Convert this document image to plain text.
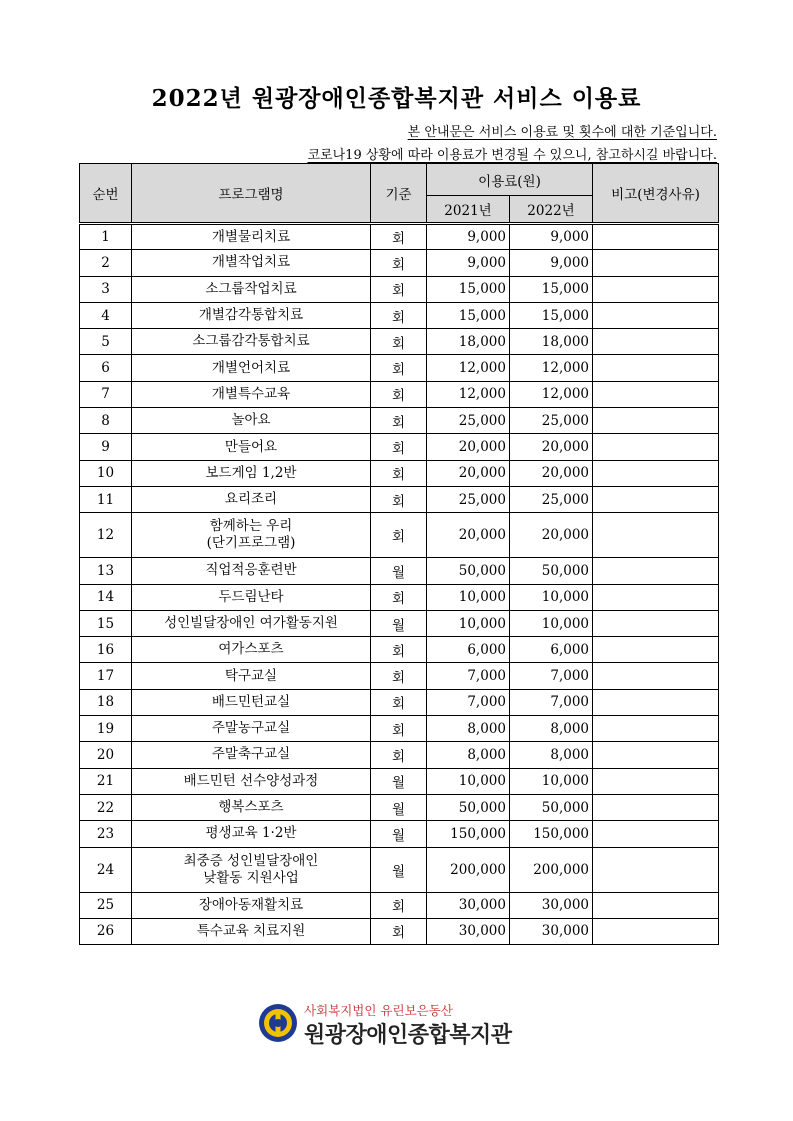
2022년 원광장애인종합복지관 서비스 이용료
본 안내문은 서비스 이용료 및 횟수에 대한 기준입니다.
코로나19 상황에 따라 이용료가 변경될 수 있으니, 참고하시길 바랍니다.
순번	프로그램명	기준	이용료(원)		비고(변경사유)
			2021년	2022년	
1	개별물리치료	회	9,000	9,000	
2	개별작업치료	회	9,000	9,000	
3	소그룹작업치료	회	15,000	15,000	
4	개별감각통합치료	회	15,000	15,000	
5	소그룹감각통합치료	회	18,000	18,000	
6	개별언어치료	회	12,000	12,000	
7	개별특수교육	회	12,000	12,000	
8	놀아요	회	25,000	25,000	
9	만들어요	회	20,000	20,000	
10	보드게임 1,2반	회	20,000	20,000	
11	요리조리	회	25,000	25,000	
12	함께하는 우리
(단기프로그램)	회	20,000	20,000	
13	직업적응훈련반	월	50,000	50,000	
14	두드림난타	회	10,000	10,000	
15	성인빌달장애인 여가활동지원	월	10,000	10,000	
16	여가스포츠	회	6,000	6,000	
17	탁구교실	회	7,000	7,000	
18	배드민턴교실	회	7,000	7,000	
19	주말농구교실	회	8,000	8,000	
20	주말축구교실	회	8,000	8,000	
21	배드민턴 선수양성과정	월	10,000	10,000	
22	행복스포츠	월	50,000	50,000	
23	평생교육 1·2반	월	150,000	150,000	
24	최중증 성인빌달장애인
낮활동 지원사업	월	200,000	200,000	
25	장애아동재활치료	회	30,000	30,000	
26	특수교육 치료지원	회	30,000	30,000	
사회복지법인 유린보은동산
원광장애인종합복지관
